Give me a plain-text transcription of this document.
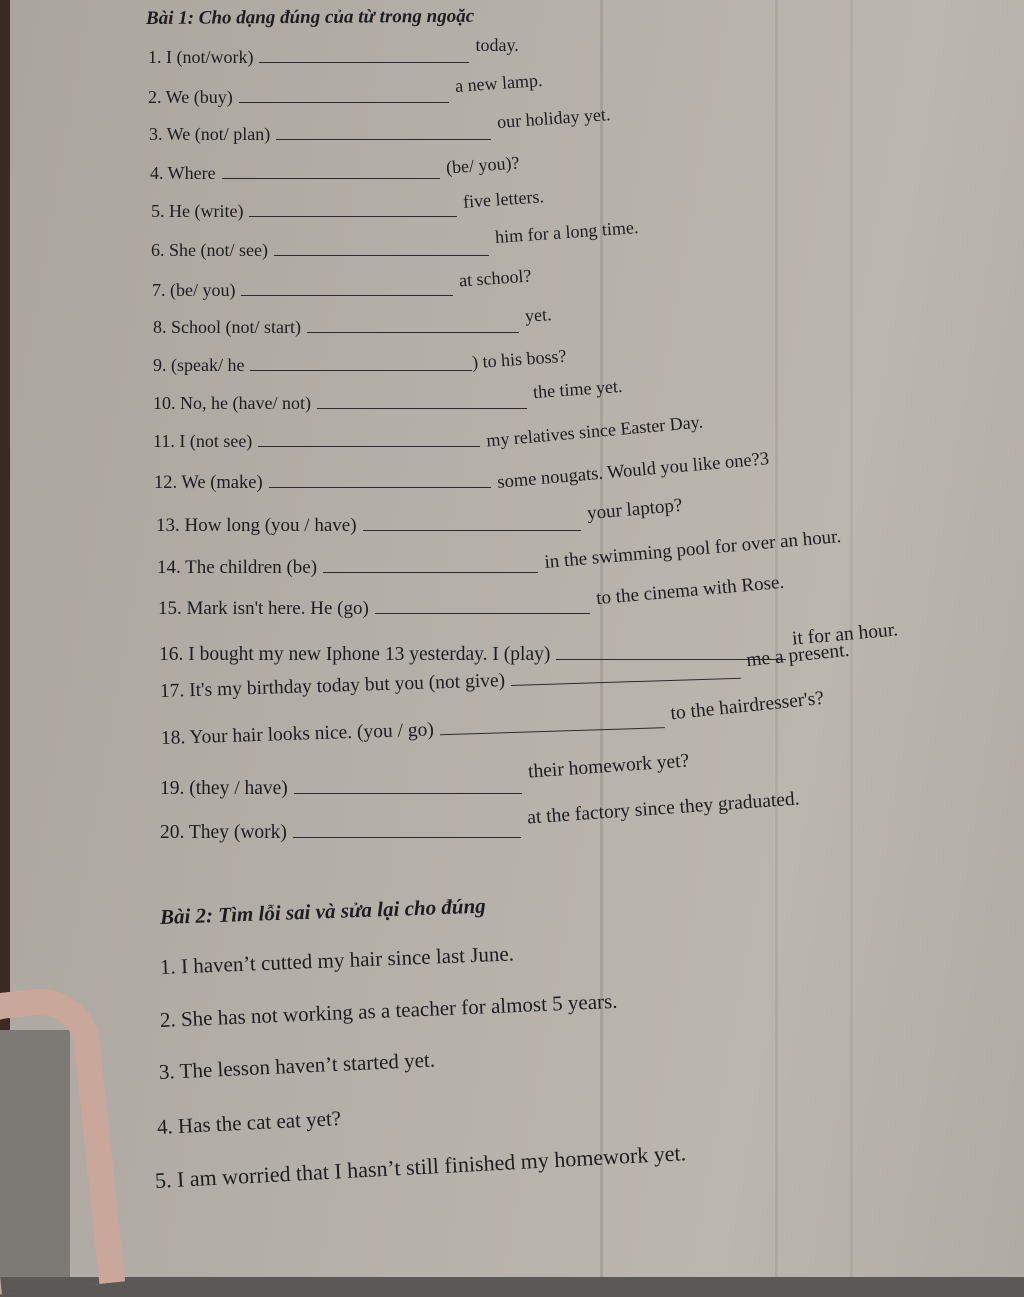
Bài 1: Cho dạng đúng của từ trong ngoặc
1. I (not/work)today.
2. We (buy)a new lamp.
3. We (not/ plan)our holiday yet.
4. Where	(be/ you)?
5. He (write)	five letters.
6. She (not/ see)him for a long time.
7. (be/ you)	at school?
8. School (not/ start)yet.
9. (speak/ he	) to his boss?
10. No, he (have/ not)the time yet.
11. I (not see)	my relatives since Easter Day.
12. We (make)	some nougats. Would you like one?3
13. How long (you / have)your laptop?
14. The children (be)	in the swimming pool for over an hour.
15. Mark isn't here. He (go)	to the cinema with Rose.
16. I bought my new Iphone 13 yesterday. I (play)it for an hour.
17. It's my birthday today but you (not give)me a present.
18. Your hair looks nice. (you / go)to the hairdresser's?
19. (they / have)their homework yet?
20. They (work)at the factory since they graduated.
Bài 2: Tìm lỗi sai và sửa lại cho đúng
1. I haven’t cutted my hair since last June.
2. She has not working as a teacher for almost 5 years.
3. The lesson haven’t started yet.
4. Has the cat eat yet?
5. I am worried that I hasn’t still finished my homework yet.
